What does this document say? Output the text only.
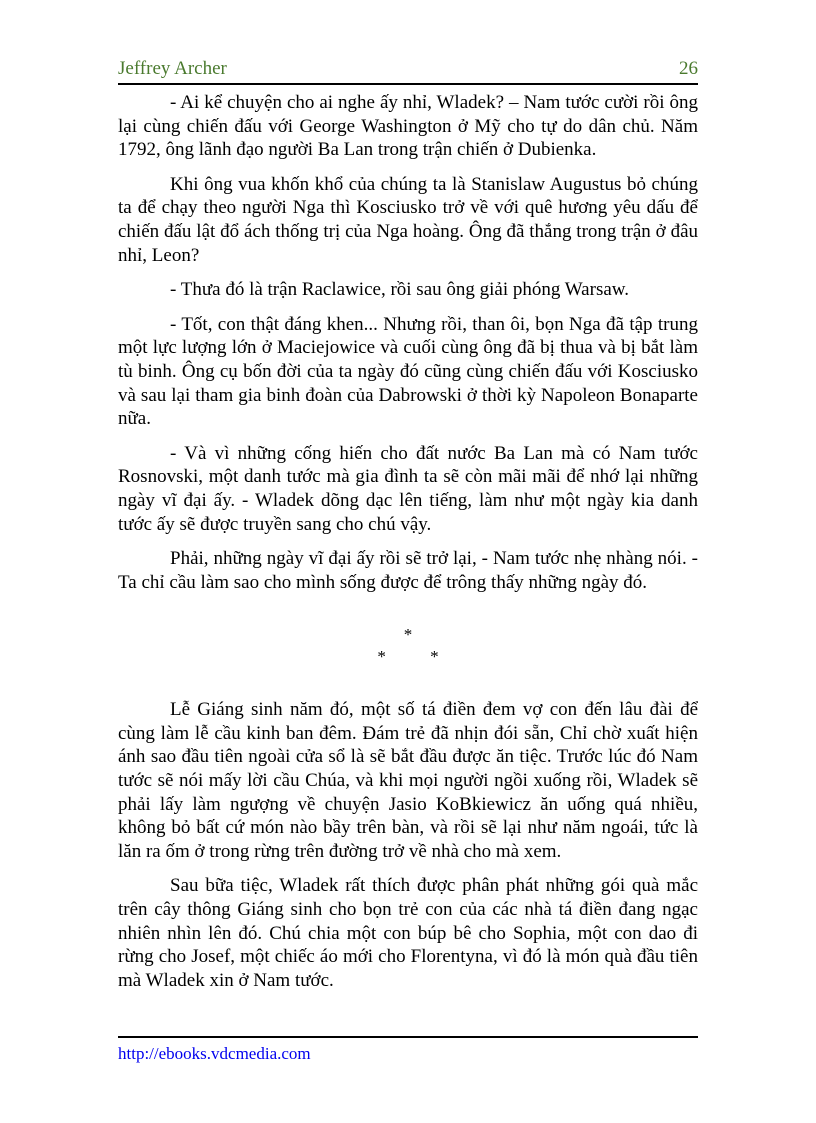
Jeffrey Archer	26

- Ai kể chuyện cho ai nghe ấy nhỉ, Wladek? – Nam tước cười rồi ông lại cùng chiến đấu với George Washington ở Mỹ cho tự do dân chủ. Năm 1792, ông lãnh đạo người Ba Lan trong trận chiến ở Dubienka.

Khi ông vua khốn khổ của chúng ta là Stanislaw Augustus bỏ chúng ta để chạy theo người Nga thì Kosciusko trở về với quê hương yêu dấu để chiến đấu lật đổ ách thống trị của Nga hoàng. Ông đã thắng trong trận ở đâu nhỉ, Leon?

- Thưa đó là trận Raclawice, rồi sau ông giải phóng Warsaw.

- Tốt, con thật đáng khen... Nhưng rồi, than ôi, bọn Nga đã tập trung một lực lượng lớn ở Maciejowice và cuối cùng ông đã bị thua và bị bắt làm tù binh. Ông cụ bốn đời của ta ngày đó cũng cùng chiến đấu với Kosciusko và sau lại tham gia binh đoàn của Dabrowski ở thời kỳ Napoleon Bonaparte nữa.

- Và vì những cống hiến cho đất nước Ba Lan mà có Nam tước Rosnovski, một danh tước mà gia đình ta sẽ còn mãi mãi để nhớ lại những ngày vĩ đại ấy. - Wladek dõng dạc lên tiếng, làm như một ngày kia danh tước ấy sẽ được truyền sang cho chú vậy.

Phải, những ngày vĩ đại ấy rồi sẽ trở lại, - Nam tước nhẹ nhàng nói. - Ta chỉ cầu làm sao cho mình sống được để trông thấy những ngày đó.

*
*	*

Lễ Giáng sinh năm đó, một số tá điền đem vợ con đến lâu đài để cùng làm lễ cầu kinh ban đêm. Đám trẻ đã nhịn đói sẵn, Chỉ chờ xuất hiện ánh sao đầu tiên ngoài cửa sổ là sẽ bắt đầu được ăn tiệc. Trước lúc đó Nam tước sẽ nói mấy lời cầu Chúa, và khi mọi người ngồi xuống rồi, Wladek sẽ phải lấy làm ngượng về chuyện Jasio KoBkiewicz ăn uống quá nhiều, không bỏ bất cứ món nào bầy trên bàn, và rồi sẽ lại như năm ngoái, tức là lăn ra ốm ở trong rừng trên đường trở về nhà cho mà xem.

Sau bữa tiệc, Wladek rất thích được phân phát những gói quà mắc trên cây thông Giáng sinh cho bọn trẻ con của các nhà tá điền đang ngạc nhiên nhìn lên đó. Chú chia một con búp bê cho Sophia, một con dao đi rừng cho Josef, một chiếc áo mới cho Florentyna, vì đó là món quà đầu tiên mà Wladek xin ở Nam tước.

http://ebooks.vdcmedia.com
